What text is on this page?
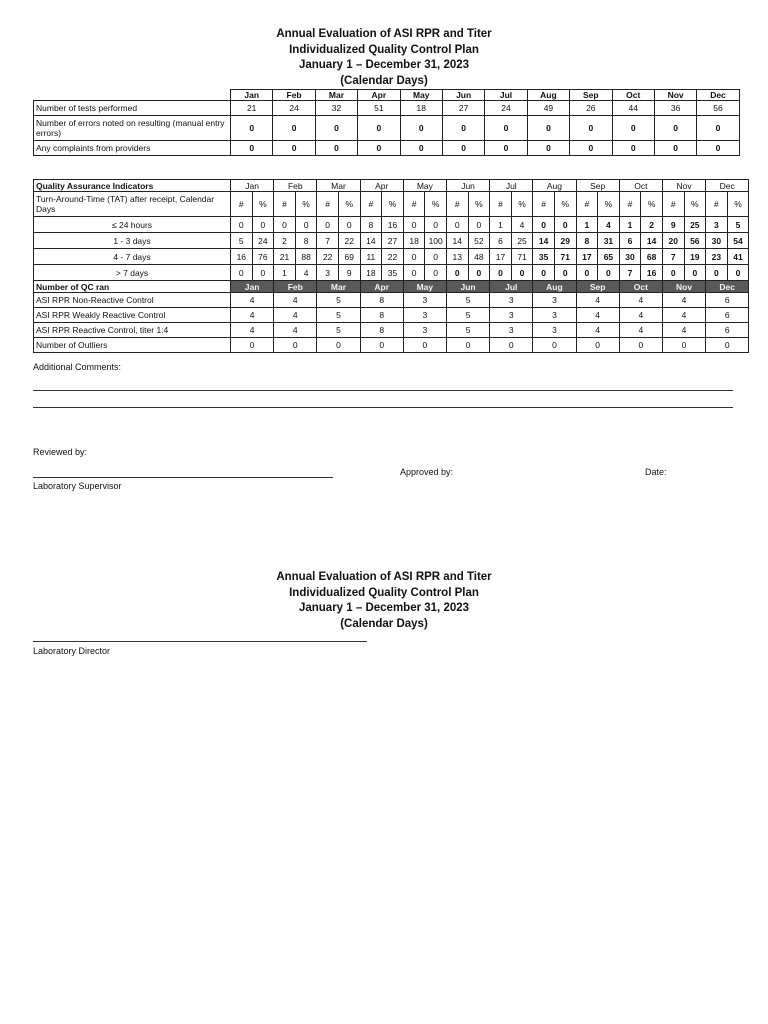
Annual Evaluation of ASI RPR and Titer
Individualized Quality Control Plan
January 1 – December 31, 2023
(Calendar Days)
	Jan	Feb	Mar	Apr	May	Jun	Jul	Aug	Sep	Oct	Nov	Dec
Number of tests performed	21	24	32	51	18	27	24	49	26	44	36	56
Number of errors noted on resulting (manual entry errors)	0	0	0	0	0	0	0	0	0	0	0	0
Any complaints from providers	0	0	0	0	0	0	0	0	0	0	0	0
Quality Assurance Indicators	Jan		Feb		Mar		Apr		May		Jun		Jul		Aug		Sep		Oct		Nov		Dec	
Turn-Around-Time (TAT) after receipt, Calendar Days	#	%	#	%	#	%	#	%	#	%	#	%	#	%	#	%	#	%	#	%	#	%	#	%
≤ 24 hours	0	0	0	0	0	0	8	16	0	0	0	0	1	4	0	0	1	4	1	2	9	25	3	5
1 - 3 days	5	24	2	8	7	22	14	27	18	100	14	52	6	25	14	29	8	31	6	14	20	56	30	54
4 - 7 days	16	76	21	88	22	69	11	22	0	0	13	48	17	71	35	71	17	65	30	68	7	19	23	41
> 7 days	0	0	1	4	3	9	18	35	0	0	0	0	0	0	0	0	0	0	7	16	0	0	0	0
Number of QC ran	Jan		Feb		Mar		Apr		May		Jun		Jul		Aug		Sep		Oct		Nov		Dec	
ASI RPR Non-Reactive Control	4		4		5		8		3		5		3		3		4		4		4		6	
ASI RPR Weakly Reactive Control	4		4		5		8		3		5		3		3		4		4		4		6	
ASI RPR Reactive Control, titer 1:4	4		4		5		8		3		5		3		3		4		4		4		6	
Number of Outliers	0		0		0		0		0		0		0		0		0		0		0		0	
Additional Comments:
Reviewed by:
Approved by:	Date:
Laboratory Supervisor
Annual Evaluation of ASI RPR and Titer
Individualized Quality Control Plan
January 1 – December 31, 2023
(Calendar Days)
Laboratory Director
